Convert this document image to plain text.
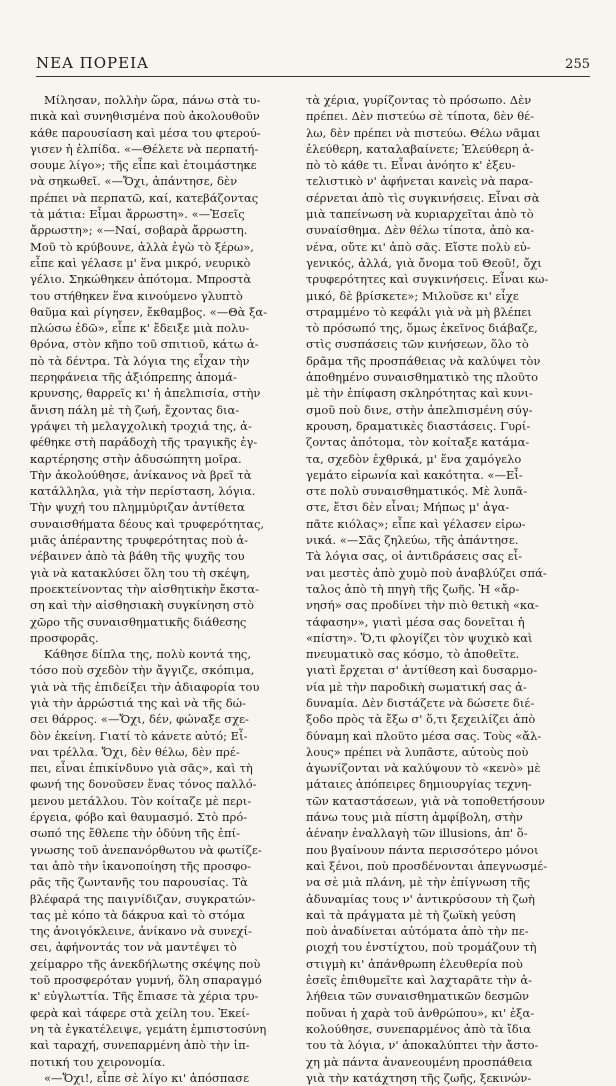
ΝΕΑ ΠΟΡΕΙΑ	255
Μίλησαν, πολλὴν ὥρα, πάνω στὰ τυ-
πικὰ καὶ συνηθισμένα ποὺ ἀκολουθοῦν
κάθε παρουσίαση καὶ μέσα του φτερού-
γισεν ἡ ἐλπίδα. «—Θέλετε νὰ περπατή-
σουμε λίγο»; τῆς εἶπε καὶ ἑτοιμάστηκε
νὰ σηκωθεῖ. «—Ὄχι, ἀπάντησε, δὲν
πρέπει νὰ περπατῶ, καί, κατεβάζοντας
τὰ μάτια: Εἶμαι ἄρρωστη». «—Ἐσεῖς
ἄρρωστη»; «—Ναί, σοβαρὰ ἄρρωστη.
Μοῦ τὸ κρύβουνε, ἀλλὰ ἐγὼ τὸ ξέρω»,
εἶπε καὶ γέλασε μ' ἕνα μικρό, νευρικὸ
γέλιο. Σηκώθηκεν ἀπότομα. Μπροστὰ
του στήθηκεν ἕνα κινούμενο γλυπτὸ
θαῦμα καὶ ρίγησεν, ἔκθαμβος. «—Θὰ ξα-
πλώσω ἐδῶ», εἶπε κ' ἔδειξε μιὰ πολυ-
θρόνα, στὸν κῆπο τοῦ σπιτιοῦ, κάτω ἀ-
πὸ τὰ δέντρα. Τὰ λόγια της εἶχαν τὴν
περηφάνεια τῆς ἀξιόπρεπης ἀπομά-
κρυνσης, θαρρεῖς κι' ἡ ἀπελπισία, στὴν
ἄνιση πάλη μὲ τὴ ζωή, ἔχοντας δια-
γράψει τὴ μελαγχολικὴ τροχιά της, ἀ-
φέθηκε στὴ παράδοχὴ τῆς τραγικῆς ἐγ-
καρτέρησης στὴν ἀδυσώπητη μοῖρα.
Τὴν ἀκολούθησε, ἀνίκανος νὰ βρεῖ τὰ
κατάλληλα, γιὰ τὴν περίσταση, λόγια.
Τὴν ψυχή του πλημμύριζαν ἀντίθετα
συναισθήματα δέους καὶ τρυφερότητας,
μιᾶς ἀπέραντης τρυφερότητας ποὺ ἀ-
νέβαινεν ἀπὸ τὰ βάθη τῆς ψυχῆς του
γιὰ νὰ κατακλύσει ὅλη του τὴ σκέψη,
προεκτείνοντας τὴν αἰσθητικὴν ἔκστα-
ση καὶ τὴν αἰσθησιακὴ συγκίνηση στὸ
χῶρο τῆς συναισθηματικῆς διάθεσης
προσφορᾶς.
Κάθησε δίπλα της, πολὺ κοντά της,
τόσο ποὺ σχεδὸν τὴν ἄγγιζε, σκόπιμα,
γιὰ νὰ τῆς ἐπιδείξει τὴν ἀδιαφορία του
γιὰ τὴν ἀρρώστιά της καὶ νὰ τῆς δώ-
σει θάρρος. «—Ὄχι, δέν, φώναξε σχε-
δὸν ἐκείνη. Γιατί τὸ κάνετε αὐτό; Εἶ-
ναι τρέλλα. Ὄχι, δὲν θέλω, δὲν πρέ-
πει, εἶναι ἐπικίνδυνο γιὰ σᾶς», καὶ τὴ
φωνή της δονοῦσεν ἕνας τόνος παλλό-
μενου μετάλλου. Τὸν κοίταζε μὲ περι-
έργεια, φόβο καὶ θαυμασμό. Στὸ πρό-
σωπό της ἔθλεπε τὴν ὀδύνη τῆς ἐπί-
γνωσης τοῦ ἀνεπανόρθωτου νὰ φωτίζε-
ται ἀπὸ τὴν ἱκανοποίηση τῆς προσφο-
ρᾶς τῆς ζωντανῆς του παρουσίας. Τὰ
βλέφαρά της παιγνίδιζαν, συγκρατών-
τας μὲ κόπο τὰ δάκρυα καὶ τὸ στόμα
της ἀνοιγόκλεινε, ἀνίκανο νὰ συνεχί-
σει, ἀφήνοντάς τον νὰ μαντέψει τὸ
χείμαρρο τῆς ἀνεκδήλωτης σκέψης ποὺ
τοῦ προσφερόταν γυμνή, ὅλη σπαραγμό
κ' εὐγλωττία. Τῆς ἔπιασε τὰ χέρια τρυ-
φερὰ καὶ τάφερε στὰ χείλη του. Ἐκεί-
νη τὰ ἐγκατέλειψε, γεμάτη ἐμπιστοσύνη
καὶ ταραχή, συνεπαρμένη ἀπὸ τὴν ἱπ-
ποτική του χειρονομία.
«—Ὄχι!, εἶπε σὲ λίγο κι' ἀπόσπασε
τὰ χέρια, γυρίζοντας τὸ πρόσωπο. Δὲν
πρέπει. Δὲν πιστεύω σὲ τίποτα, δὲν θέ-
λω, δὲν πρέπει νὰ πιστεύω. Θέλω νᾶμαι
ἐλεύθερη, καταλαβαίνετε; Ἐλεύθερη ἀ-
πὸ τὸ κάθε τι. Εἶναι ἀνόητο κ' ἐξευ-
τελιστικὸ ν' ἀφήνεται κανεὶς νὰ παρα-
σέρνεται ἀπὸ τὶς συγκινήσεις. Εἶναι σὰ
μιὰ ταπείνωση νὰ κυριαρχεῖται ἀπὸ τὸ
συναίσθημα. Δὲν θέλω τίποτα, ἀπὸ κα-
νένα, οὔτε κι' ἀπὸ σᾶς. Εἴστε πολὺ εὐ-
γενικός, ἀλλά, γιὰ ὄνομα τοῦ Θεοῦ!, ὄχι
τρυφερότητες καὶ συγκινήσεις. Εἶναι κω-
μικό, δὲ βρίσκετε»; Μιλοῦσε κι' εἶχε
στραμμένο τὸ κεφάλι γιὰ νὰ μὴ βλέπει
τὸ πρόσωπό της, ὅμως ἐκεῖνος διάβαζε,
στὶς συσπάσεις τῶν κινήσεων, ὅλο τὸ
δρᾶμα τῆς προσπάθειας νὰ καλύψει τὸν
ἀποθημένο συναισθηματικὸ της πλοῦτο
μὲ τὴν ἐπίφαση σκληρότητας καὶ κυνι-
σμοῦ ποὺ δινε, στὴν ἀπελπισμένη σύγ-
κρουση, δραματικὲς διαστάσεις. Γυρί-
ζοντας ἀπότομα, τὸν κοίταξε κατάμα-
τα, σχεδὸν ἐχθρικά, μ' ἕνα χαμόγελο
γεμάτο εἰρωνία καὶ κακότητα. «—Εἶ-
στε πολὺ συναισθηματικός. Μὲ λυπᾶ-
στε, ἔτσι δὲν εἶναι; Μήπως μ' ἀγα-
πᾶτε κιόλας»; εἶπε καὶ γέλασεν εἰρω-
νικά. «—Σᾶς ζηλεύω, τῆς ἀπάντησε.
Τὰ λόγια σας, οἱ ἀντιδράσεις σας εἶ-
ναι μεστὲς ἀπὸ χυμὸ ποὺ ἀναβλύζει σπά-
ταλος ἀπὸ τὴ πηγὴ τῆς ζωῆς. Ἡ «ἄρ-
νησή» σας προδίνει τὴν πιὸ θετικὴ «κα-
τάφασην», γιατὶ μέσα σας δονεῖται ἡ
«πίστη». Ὅ,τι φλογίζει τὸν ψυχικὸ καὶ
πνευματικὸ σας κόσμο, τὸ ἀποθεῖτε.
γιατὶ ἔρχεται σ' ἀντίθεση καὶ δυσαρμο-
νία μὲ τὴν παροδικὴ σωματική σας ἀ-
δυναμία. Δὲν διστάζετε νὰ δώσετε διέ-
ξοδο πρὸς τὰ ἔξω σ' ὅ,τι ξεχειλίζει ἀπὸ
δύναμη καὶ πλοῦτο μέσα σας. Τοὺς «ἄλ-
λους» πρέπει νὰ λυπᾶστε, αὐτοὺς ποὺ
ἀγωνίζονται νὰ καλύψουν τὸ «κενὸ» μὲ
μάταιες ἀπόπειρες δημιουργίας τεχνη-
τῶν καταστάσεων, γιὰ νὰ τοποθετήσουν
πάνω τους μιὰ πίστη ἀμφίβολη, στὴν
ἀέναην ἐναλλαγὴ τῶν illusions, ἀπ' ὅ-
που βγαίνουν πάντα περισσότερο μόνοι
καὶ ξένοι, ποὺ προσδένονται ἀπεγνωσμέ-
να σὲ μιὰ πλάνη, μὲ τὴν ἐπίγνωση τῆς
ἀδυναμίας τους ν' ἀντικρύσουν τὴ ζωὴ
καὶ τὰ πράγματα μὲ τὴ ζωϊκὴ γεύση
ποὺ ἀναδίνεται αὐτόματα ἀπὸ τὴν πε-
ριοχή του ἐνστίχτου, ποὺ τρομάζουν τὴ
στιγμὴ κι' ἀπάνθρωπη ἐλευθερία ποὺ
ἐσεῖς ἐπιθυμεῖτε καὶ λαχταρᾶτε τὴν ἀ-
λήθεια τῶν συναισθηματικῶν δεσμῶν
ποὔναι ἡ χαρὰ τοῦ ἀνθρώπου», κι' ἐξα-
κολούθησε, συνεπαρμένος ἀπὸ τὰ ἴδια
του τὰ λόγια, ν' ἀποκαλύπτει τὴν ἄστο-
χη μὰ πάντα ἀνανεουμένη προσπάθεια
γιὰ τὴν κατάχτηση τῆς ζωῆς, ξεκινών-
